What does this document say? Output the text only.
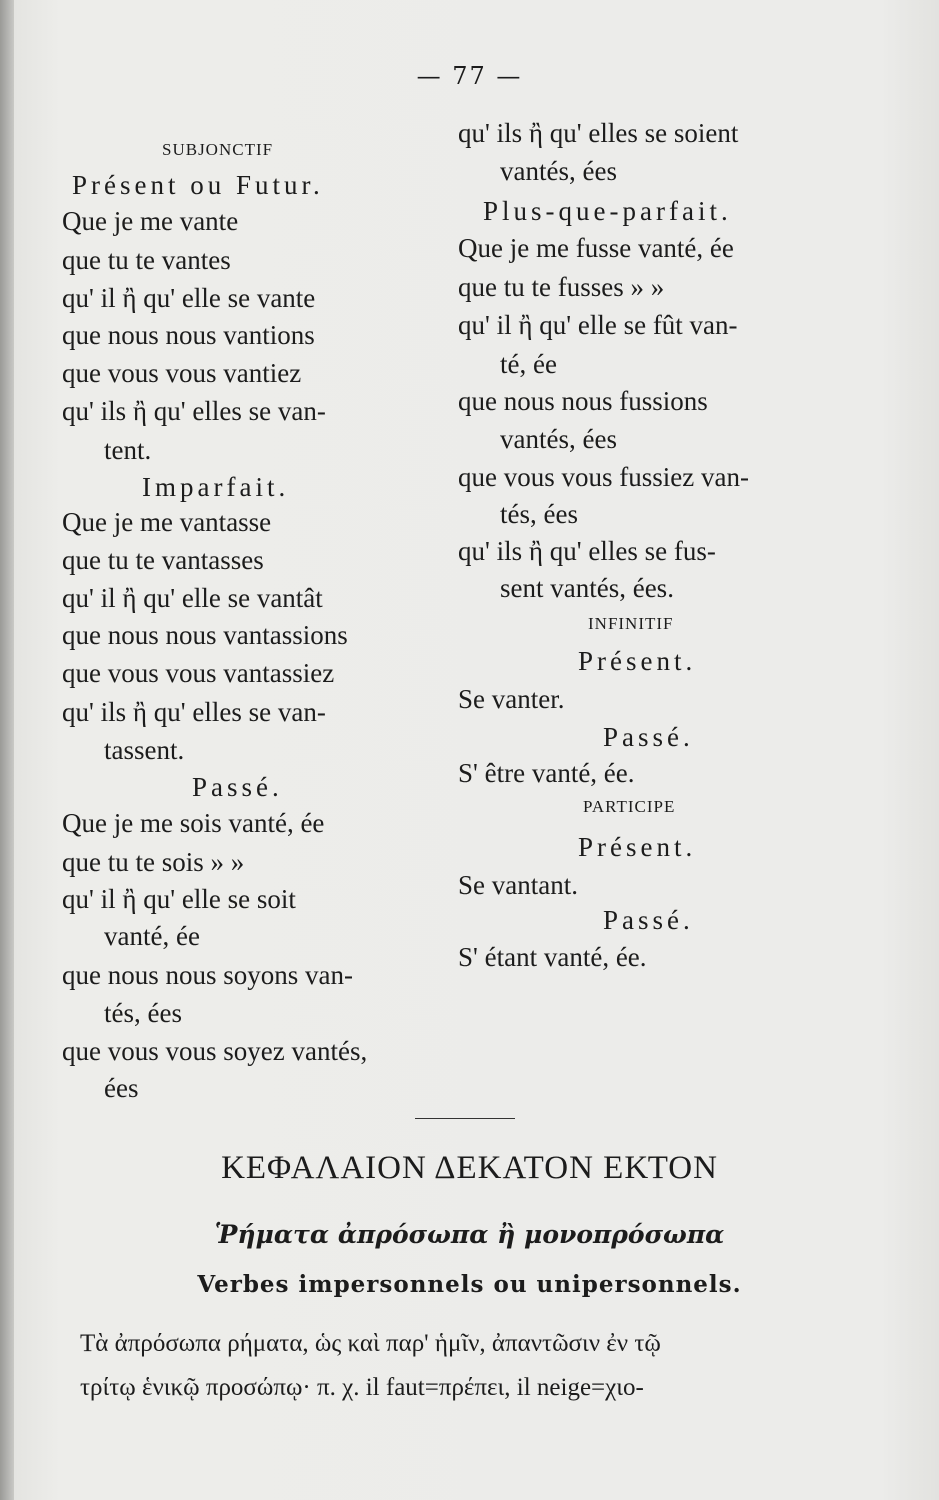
— 77 —
SUBJONCTIF
Présent ou Futur.
Que je me vante
que tu te vantes
qu' il ἢ qu' elle se vante
que nous nous vantions
que vous vous vantiez
qu' ils ἢ qu' elles se van-
tent.
Imparfait.
Que je me vantasse
que tu te vantasses
qu' il ἢ qu' elle se vantât
que nous nous vantassions
que vous vous vantassiez
qu' ils ἢ qu' elles se van-
tassent.
Passé.
Que je me sois vanté, ée
que tu te sois » »
qu' il ἢ qu' elle se soit
vanté, ée
que nous nous soyons van-
tés, ées
que vous vous soyez vantés,
ées
qu' ils ἢ qu' elles se soient
vantés, ées
Plus-que-parfait.
Que je me fusse vanté, ée
que tu te fusses » »
qu' il ἢ qu' elle se fût van-
té, ée
que nous nous fussions
vantés, ées
que vous vous fussiez van-
tés, ées
qu' ils ἢ qu' elles se fus-
sent vantés, ées.
INFINITIF
Présent.
Se vanter.
Passé.
S' être vanté, ée.
PARTICIPE
Présent.
Se vantant.
Passé.
S' étant vanté, ée.
ΚΕΦΑΛΑΙΟΝ ΔΕΚΑΤΟΝ ΕΚΤΟΝ
Ῥήματα ἀπρόσωπα ἢ μονοπρόσωπα
Verbes impersonnels ou unipersonnels.
Τὰ ἀπρόσωπα ρήματα, ὡς καὶ παρ' ἡμῖν, ἀπαντῶσιν ἐν τῷ
τρίτῳ ἑνικῷ προσώπῳ· π. χ. il faut=πρέπει, il neige=χιο-
